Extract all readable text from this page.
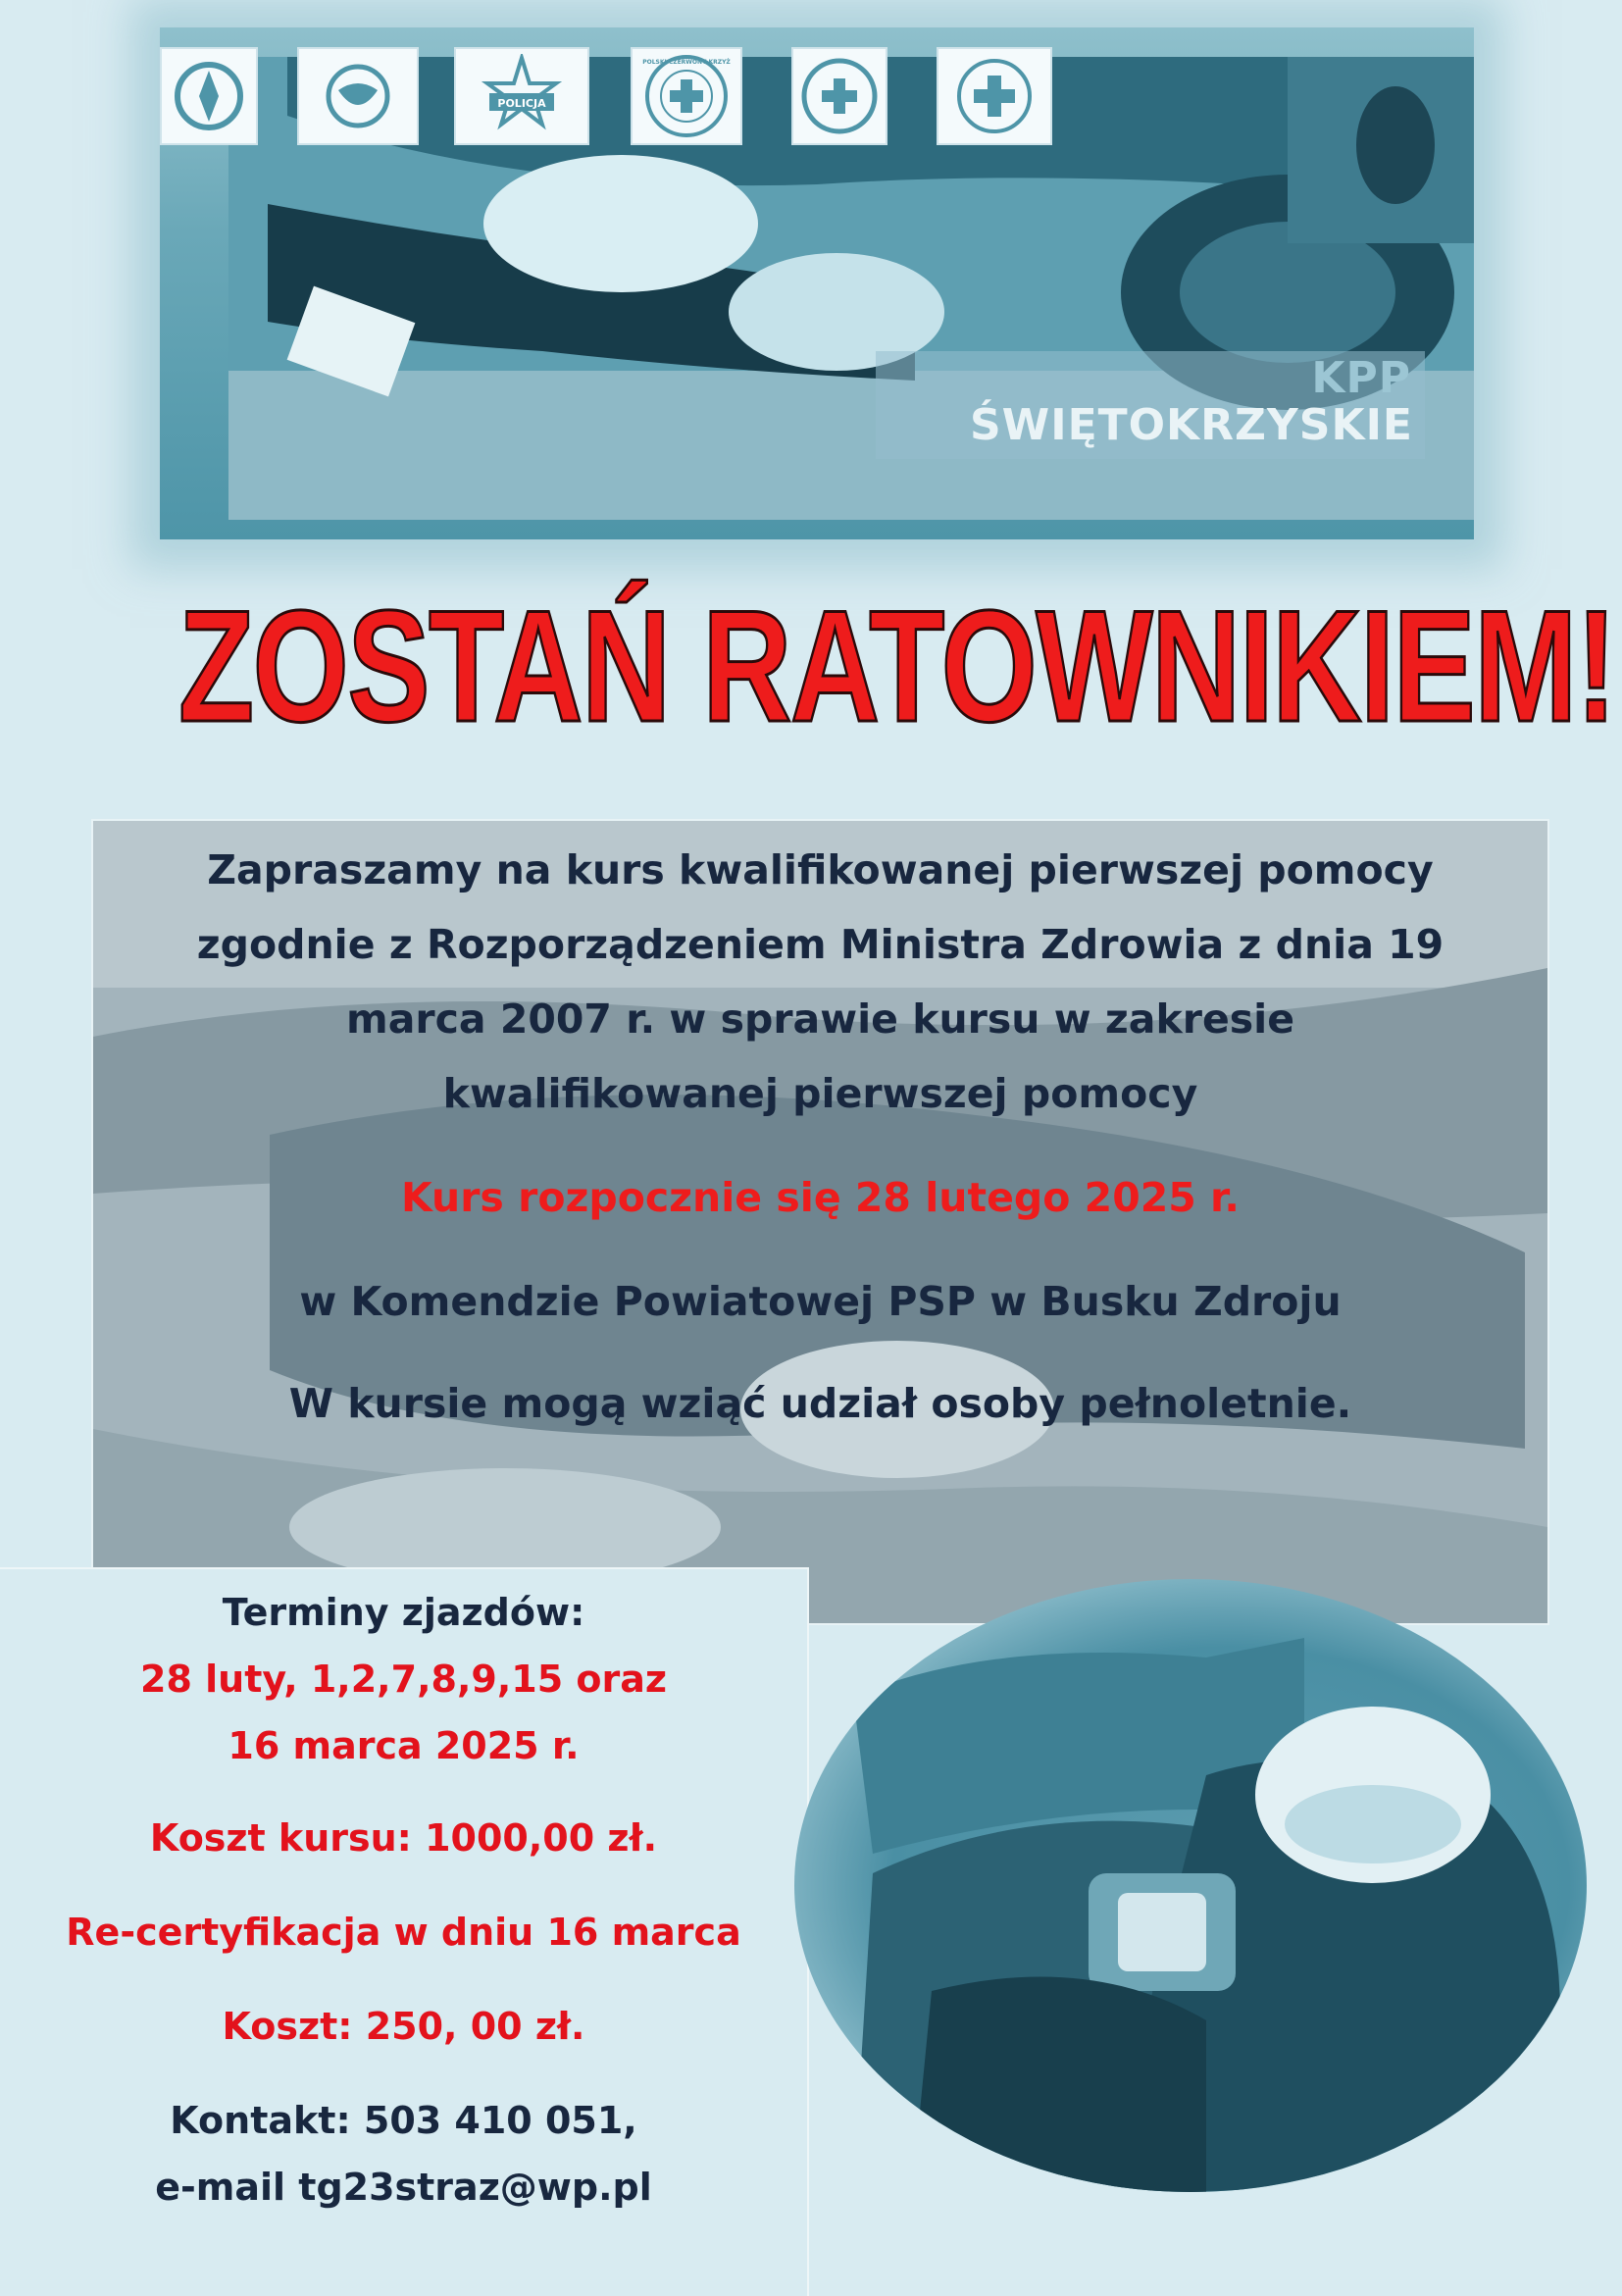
POLICJA
POLSKI CZERWONY KRZYŻ
KPP
ŚWIĘTOKRZYSKIE
ZOSTAŃ RATOWNIKIEM!
Zapraszamy na kurs kwalifikowanej pierwszej pomocy
zgodnie z Rozporządzeniem Ministra Zdrowia z dnia 19
marca 2007 r. w sprawie kursu w zakresie
kwalifikowanej pierwszej pomocy
Kurs rozpocznie się 28 lutego 2025 r.
w Komendzie Powiatowej PSP w Busku Zdroju
W kursie mogą wziąć udział osoby pełnoletnie.
Terminy zjazdów:
28 luty, 1,2,7,8,9,15 oraz
16 marca 2025 r.
Koszt kursu: 1000,00 zł.
Re-certyfikacja w dniu 16 marca
Koszt: 250, 00 zł.
Kontakt: 503 410 051,
e-mail tg23straz@wp.pl
